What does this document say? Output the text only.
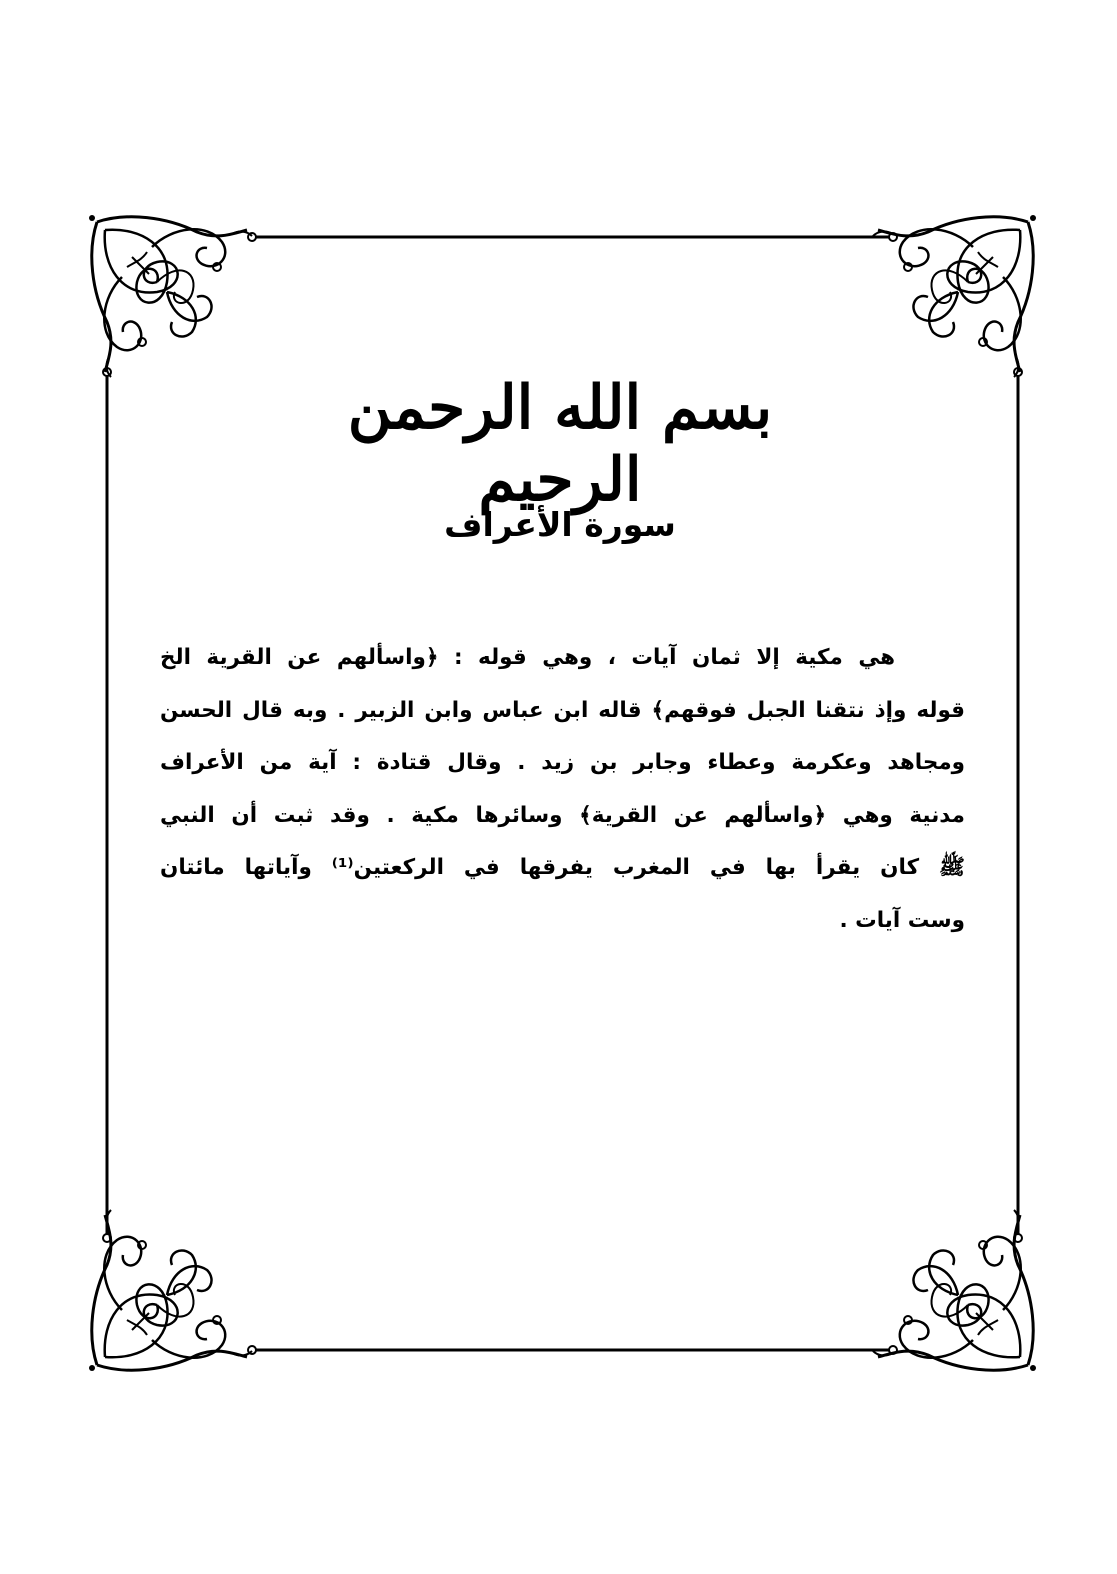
بسم الله الرحمن الرحيم
سورة الأعراف
هي مكية إلا ثمان آيات ، وهي قوله : ﴿واسألهم عن القرية الخ
قوله وإذ نتقنا الجبل فوقهم﴾ قاله ابن عباس وابن الزبير . وبه قال الحسن
ومجاهد وعكرمة وعطاء وجابر بن زيد . وقال قتادة : آية من الأعراف
مدنية وهي ﴿واسألهم عن القرية﴾ وسائرها مكية . وقد ثبت أن النبي
ﷺ كان يقرأ بها في المغرب يفرقها في الركعتين⁽¹⁾ وآياتها مائتان
وست آيات .
